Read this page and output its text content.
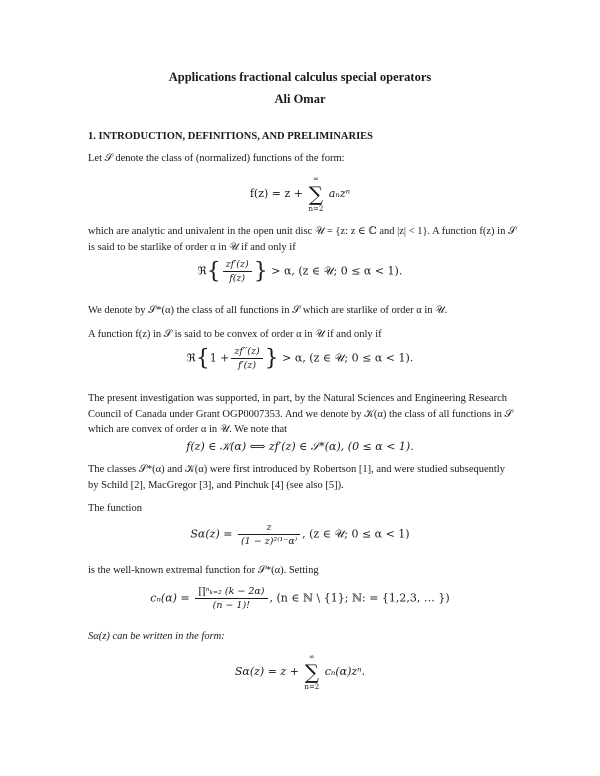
Applications fractional calculus special operators
Ali Omar
1. INTRODUCTION, DEFINITIONS, AND PRELIMINARIES
Let 𝒮 denote the class of (normalized) functions of the form:
f(z) = z +
∞
∑
n=2
aₙzⁿ
which are analytic and univalent in the open unit disc 𝒰 = {z: z ∈ ℂ and |z| < 1}. A function f(z) in 𝒮 is said to be starlike of order α in 𝒰 if and only if
ℜ{ $\frac{zf'(z)}{f(z)}$ } > α, (z ∈ 𝒰; 0 ≤ α < 1).
We denote by 𝒮*(α) the class of all functions in 𝒮 which are starlike of order α in 𝒰.
A function f(z) in 𝒮 is said to be convex of order α in 𝒰 if and only if
ℜ{1 + $\frac{zf''(z)}{f'(z)}$ } > α, (z ∈ 𝒰; 0 ≤ α < 1).
The present investigation was supported, in part, by the Natural Sciences and Engineering Research Council of Canada under Grant OGP0007353. And we denote by 𝒦(α) the class of all functions in 𝒮 which are convex of order α in 𝒰. We note that
f(z) ∈ 𝒦(α) ⟺ zf′(z) ∈ 𝒮*(α), (0 ≤ α < 1).
The classes 𝒮*(α) and 𝒦(α) were first introduced by Robertson [1], and were studied subsequently by Schild [2], MacGregor [3], and Pinchuk [4] (see also [5]).
The function
$S\alpha(z) = \frac{z}{\text{(1 − z)²⁽¹⁻α⁾}}$ , (z ∈ 𝒰; 0 ≤ α < 1)
is the well-known extremal function for 𝒮*(α). Setting
$c_n(\alpha) = \frac{\text{∏ⁿₖ₌₂ (k − 2α)}}{(n - 1)!}$ , (n ∈ ℕ \ {1}; ℕ: = {1,2,3, … })
Sα(z) can be written in the form:
Sα(z) = z +
∞
∑
n=2
cₙ(α)zⁿ.
